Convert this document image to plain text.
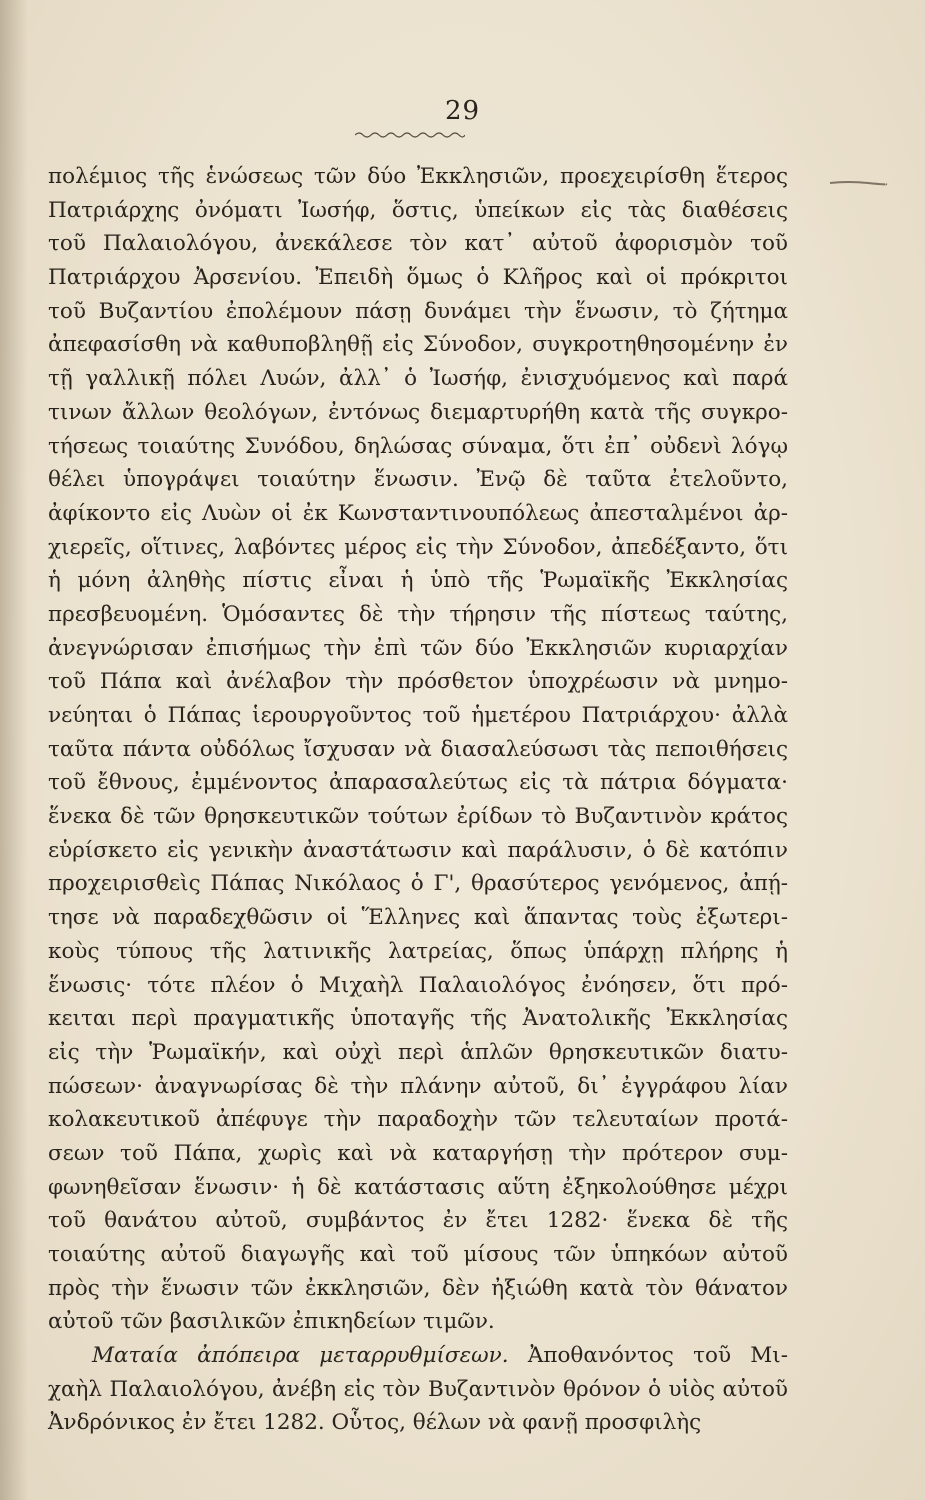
29
πολέμιος τῆς ἑνώσεως τῶν δύο Ἐκκλησιῶν, προεχειρίσθη ἕτερος
Πατριάρχης ὀνόματι Ἰωσήφ, ὅστις, ὑπείκων εἰς τὰς διαθέσεις
τοῦ Παλαιολόγου, ἀνεκάλεσε τὸν κατ᾽ αὐτοῦ ἀφορισμὸν τοῦ
Πατριάρχου Ἀρσενίου. Ἐπειδὴ ὅμως ὁ Κλῆρος καὶ οἱ πρόκριτοι
τοῦ Βυζαντίου ἐπολέμουν πάσῃ δυνάμει τὴν ἕνωσιν, τὸ ζήτημα
ἀπεφασίσθη νὰ καθυποβληθῇ εἰς Σύνοδον, συγκροτηθησομένην ἐν
τῇ γαλλικῇ πόλει Λυών, ἀλλ᾽ ὁ Ἰωσήφ, ἐνισχυόμενος καὶ παρά
τινων ἄλλων θεολόγων, ἐντόνως διεμαρτυρήθη κατὰ τῆς συγκρο-
τήσεως τοιαύτης Συνόδου, δηλώσας σύναμα, ὅτι ἐπ᾽ οὐδενὶ λόγῳ
θέλει ὑπογράψει τοιαύτην ἕνωσιν. Ἐνῷ δὲ ταῦτα ἐτελοῦντο,
ἀφίκοντο εἰς Λυὼν οἱ ἐκ Κωνσταντινουπόλεως ἀπεσταλμένοι ἀρ-
χιερεῖς, οἵτινες, λαβόντες μέρος εἰς τὴν Σύνοδον, ἀπεδέξαντο, ὅτι
ἡ μόνη ἀληθὴς πίστις εἶναι ἡ ὑπὸ τῆς Ῥωμαϊκῆς Ἐκκλησίας
πρεσβευομένη. Ὁμόσαντες δὲ τὴν τήρησιν τῆς πίστεως ταύτης,
ἀνεγνώρισαν ἐπισήμως τὴν ἐπὶ τῶν δύο Ἐκκλησιῶν κυριαρχίαν
τοῦ Πάπα καὶ ἀνέλαβον τὴν πρόσθετον ὑποχρέωσιν νὰ μνημο-
νεύηται ὁ Πάπας ἱερουργοῦντος τοῦ ἡμετέρου Πατριάρχου· ἀλλὰ
ταῦτα πάντα οὐδόλως ἴσχυσαν νὰ διασαλεύσωσι τὰς πεποιθήσεις
τοῦ ἔθνους, ἐμμένοντος ἀπαρασαλεύτως εἰς τὰ πάτρια δόγματα·
ἕνεκα δὲ τῶν θρησκευτικῶν τούτων ἐρίδων τὸ Βυζαντινὸν κράτος
εὑρίσκετο εἰς γενικὴν ἀναστάτωσιν καὶ παράλυσιν, ὁ δὲ κατόπιν
προχειρισθεὶς Πάπας Νικόλαος ὁ Γ', θρασύτερος γενόμενος, ἀπῄ-
τησε νὰ παραδεχθῶσιν οἱ Ἕλληνες καὶ ἅπαντας τοὺς ἐξωτερι-
κοὺς τύπους τῆς λατινικῆς λατρείας, ὅπως ὑπάρχῃ πλήρης ἡ
ἕνωσις· τότε πλέον ὁ Μιχαὴλ Παλαιολόγος ἐνόησεν, ὅτι πρό-
κειται περὶ πραγματικῆς ὑποταγῆς τῆς Ἀνατολικῆς Ἐκκλησίας
εἰς τὴν Ῥωμαϊκήν, καὶ οὐχὶ περὶ ἁπλῶν θρησκευτικῶν διατυ-
πώσεων· ἀναγνωρίσας δὲ τὴν πλάνην αὐτοῦ, δι᾽ ἐγγράφου λίαν
κολακευτικοῦ ἀπέφυγε τὴν παραδοχὴν τῶν τελευταίων προτά-
σεων τοῦ Πάπα, χωρὶς καὶ νὰ καταργήσῃ τὴν πρότερον συμ-
φωνηθεῖσαν ἕνωσιν· ἡ δὲ κατάστασις αὕτη ἐξηκολούθησε μέχρι
τοῦ θανάτου αὐτοῦ, συμβάντος ἐν ἔτει 1282· ἕνεκα δὲ τῆς
τοιαύτης αὐτοῦ διαγωγῆς καὶ τοῦ μίσους τῶν ὑπηκόων αὐτοῦ
πρὸς τὴν ἕνωσιν τῶν ἐκκλησιῶν, δὲν ἠξιώθη κατὰ τὸν θάνατον
αὐτοῦ τῶν βασιλικῶν ἐπικηδείων τιμῶν.
Ματαία ἀπόπειρα μεταρρυθμίσεων. Ἀποθανόντος τοῦ Μι-
χαὴλ Παλαιολόγου, ἀνέβη εἰς τὸν Βυζαντινὸν θρόνον ὁ υἱὸς αὐτοῦ
Ἀνδρόνικος ἐν ἔτει 1282. Οὗτος, θέλων νὰ φανῇ προσφιλὴς
